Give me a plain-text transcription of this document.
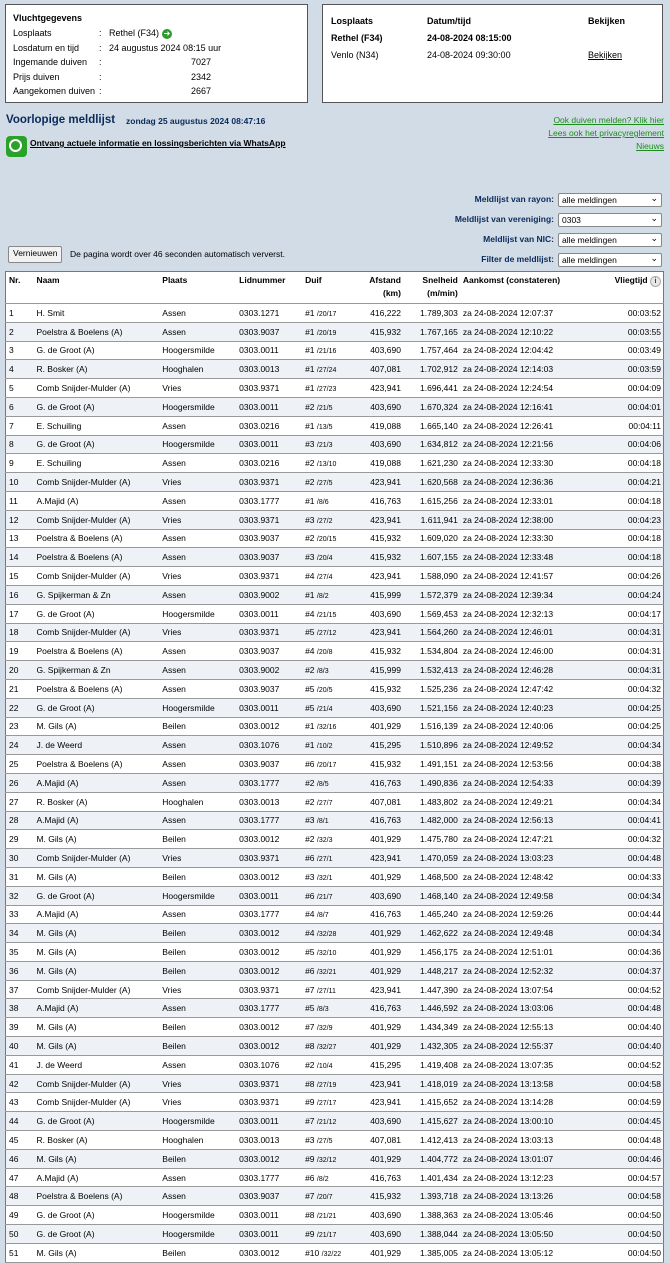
Vluchtgegevens
Losplaats	: Rethel (F34) ➜
Losdatum en tijd : 24 augustus 2024 08:15 uur
Ingemande duiven :	7027
Prijs duiven	:	2342
Aangekomen duiven :	2667
Losplaats	Datum/tijd	Bekijken
Rethel (F34)	24-08-2024 08:15:00
Venlo (N34)	24-08-2024 09:30:00	Bekijken
Voorlopige meldlijst zondag 25 augustus 2024 08:47:16	Ook duiven melden? Klik hier
Lees ook het privacyreglement
Nieuws
Ontvang actuele informatie en lossingsberichten via WhatsApp
Meldlijst van rayon: alle meldingen ⌄
Meldlijst van vereniging: 0303 ⌄
Meldlijst van NIC: alle meldingen ⌄
Filter de meldlijst: alle meldingen ⌄
Vernieuwen	De pagina wordt over 46 seconden automatisch ververst.
Nr.	Naam	Plaats	Lidnummer	Duif	Afstand
(km)	Snelheid
(m/min)	Aankomst (constateren)	Vliegtijd i
1	H. Smit	Assen	0303.1271	#1 /20/17	416,222	1.789,303	za 24-08-2024 12:07:37	00:03:52
2	Poelstra & Boelens (A)	Assen	0303.9037	#1 /20/19	415,932	1.767,165	za 24-08-2024 12:10:22	00:03:55
3	G. de Groot (A)	Hoogersmilde	0303.0011	#1 /21/16	403,690	1.757,464	za 24-08-2024 12:04:42	00:03:49
4	R. Bosker (A)	Hooghalen	0303.0013	#1 /27/24	407,081	1.702,912	za 24-08-2024 12:14:03	00:03:59
5	Comb Snijder-Mulder (A)	Vries	0303.9371	#1 /27/23	423,941	1.696,441	za 24-08-2024 12:24:54	00:04:09
6	G. de Groot (A)	Hoogersmilde	0303.0011	#2 /21/5	403,690	1.670,324	za 24-08-2024 12:16:41	00:04:01
7	E. Schuiling	Assen	0303.0216	#1 /13/5	419,088	1.665,140	za 24-08-2024 12:26:41	00:04:11
8	G. de Groot (A)	Hoogersmilde	0303.0011	#3 /21/3	403,690	1.634,812	za 24-08-2024 12:21:56	00:04:06
9	E. Schuiling	Assen	0303.0216	#2 /13/10	419,088	1.621,230	za 24-08-2024 12:33:30	00:04:18
10	Comb Snijder-Mulder (A)	Vries	0303.9371	#2 /27/5	423,941	1.620,568	za 24-08-2024 12:36:36	00:04:21
11	A.Majid (A)	Assen	0303.1777	#1 /8/6	416,763	1.615,256	za 24-08-2024 12:33:01	00:04:18
12	Comb Snijder-Mulder (A)	Vries	0303.9371	#3 /27/2	423,941	1.611,941	za 24-08-2024 12:38:00	00:04:23
13	Poelstra & Boelens (A)	Assen	0303.9037	#2 /20/15	415,932	1.609,020	za 24-08-2024 12:33:30	00:04:18
14	Poelstra & Boelens (A)	Assen	0303.9037	#3 /20/4	415,932	1.607,155	za 24-08-2024 12:33:48	00:04:18
15	Comb Snijder-Mulder (A)	Vries	0303.9371	#4 /27/4	423,941	1.588,090	za 24-08-2024 12:41:57	00:04:26
16	G. Spijkerman & Zn	Assen	0303.9002	#1 /8/2	415,999	1.572,379	za 24-08-2024 12:39:34	00:04:24
17	G. de Groot (A)	Hoogersmilde	0303.0011	#4 /21/15	403,690	1.569,453	za 24-08-2024 12:32:13	00:04:17
18	Comb Snijder-Mulder (A)	Vries	0303.9371	#5 /27/12	423,941	1.564,260	za 24-08-2024 12:46:01	00:04:31
19	Poelstra & Boelens (A)	Assen	0303.9037	#4 /20/8	415,932	1.534,804	za 24-08-2024 12:46:00	00:04:31
20	G. Spijkerman & Zn	Assen	0303.9002	#2 /8/3	415,999	1.532,413	za 24-08-2024 12:46:28	00:04:31
21	Poelstra & Boelens (A)	Assen	0303.9037	#5 /20/5	415,932	1.525,236	za 24-08-2024 12:47:42	00:04:32
22	G. de Groot (A)	Hoogersmilde	0303.0011	#5 /21/4	403,690	1.521,156	za 24-08-2024 12:40:23	00:04:25
23	M. Gils (A)	Beilen	0303.0012	#1 /32/16	401,929	1.516,139	za 24-08-2024 12:40:06	00:04:25
24	J. de Weerd	Assen	0303.1076	#1 /10/2	415,295	1.510,896	za 24-08-2024 12:49:52	00:04:34
25	Poelstra & Boelens (A)	Assen	0303.9037	#6 /20/17	415,932	1.491,151	za 24-08-2024 12:53:56	00:04:38
26	A.Majid (A)	Assen	0303.1777	#2 /8/5	416,763	1.490,836	za 24-08-2024 12:54:33	00:04:39
27	R. Bosker (A)	Hooghalen	0303.0013	#2 /27/7	407,081	1.483,802	za 24-08-2024 12:49:21	00:04:34
28	A.Majid (A)	Assen	0303.1777	#3 /8/1	416,763	1.482,000	za 24-08-2024 12:56:13	00:04:41
29	M. Gils (A)	Beilen	0303.0012	#2 /32/3	401,929	1.475,780	za 24-08-2024 12:47:21	00:04:32
30	Comb Snijder-Mulder (A)	Vries	0303.9371	#6 /27/1	423,941	1.470,059	za 24-08-2024 13:03:23	00:04:48
31	M. Gils (A)	Beilen	0303.0012	#3 /32/1	401,929	1.468,500	za 24-08-2024 12:48:42	00:04:33
32	G. de Groot (A)	Hoogersmilde	0303.0011	#6 /21/7	403,690	1.468,140	za 24-08-2024 12:49:58	00:04:34
33	A.Majid (A)	Assen	0303.1777	#4 /8/7	416,763	1.465,240	za 24-08-2024 12:59:26	00:04:44
34	M. Gils (A)	Beilen	0303.0012	#4 /32/28	401,929	1.462,622	za 24-08-2024 12:49:48	00:04:34
35	M. Gils (A)	Beilen	0303.0012	#5 /32/10	401,929	1.456,175	za 24-08-2024 12:51:01	00:04:36
36	M. Gils (A)	Beilen	0303.0012	#6 /32/21	401,929	1.448,217	za 24-08-2024 12:52:32	00:04:37
37	Comb Snijder-Mulder (A)	Vries	0303.9371	#7 /27/11	423,941	1.447,390	za 24-08-2024 13:07:54	00:04:52
38	A.Majid (A)	Assen	0303.1777	#5 /8/3	416,763	1.446,592	za 24-08-2024 13:03:06	00:04:48
39	M. Gils (A)	Beilen	0303.0012	#7 /32/9	401,929	1.434,349	za 24-08-2024 12:55:13	00:04:40
40	M. Gils (A)	Beilen	0303.0012	#8 /32/27	401,929	1.432,305	za 24-08-2024 12:55:37	00:04:40
41	J. de Weerd	Assen	0303.1076	#2 /10/4	415,295	1.419,408	za 24-08-2024 13:07:35	00:04:52
42	Comb Snijder-Mulder (A)	Vries	0303.9371	#8 /27/19	423,941	1.418,019	za 24-08-2024 13:13:58	00:04:58
43	Comb Snijder-Mulder (A)	Vries	0303.9371	#9 /27/17	423,941	1.415,652	za 24-08-2024 13:14:28	00:04:59
44	G. de Groot (A)	Hoogersmilde	0303.0011	#7 /21/12	403,690	1.415,627	za 24-08-2024 13:00:10	00:04:45
45	R. Bosker (A)	Hooghalen	0303.0013	#3 /27/5	407,081	1.412,413	za 24-08-2024 13:03:13	00:04:48
46	M. Gils (A)	Beilen	0303.0012	#9 /32/12	401,929	1.404,772	za 24-08-2024 13:01:07	00:04:46
47	A.Majid (A)	Assen	0303.1777	#6 /8/2	416,763	1.401,434	za 24-08-2024 13:12:23	00:04:57
48	Poelstra & Boelens (A)	Assen	0303.9037	#7 /20/7	415,932	1.393,718	za 24-08-2024 13:13:26	00:04:58
49	G. de Groot (A)	Hoogersmilde	0303.0011	#8 /21/21	403,690	1.388,363	za 24-08-2024 13:05:46	00:04:50
50	G. de Groot (A)	Hoogersmilde	0303.0011	#9 /21/17	403,690	1.388,044	za 24-08-2024 13:05:50	00:04:50
51	M. Gils (A)	Beilen	0303.0012	#10 /32/22	401,929	1.385,005	za 24-08-2024 13:05:12	00:04:50
